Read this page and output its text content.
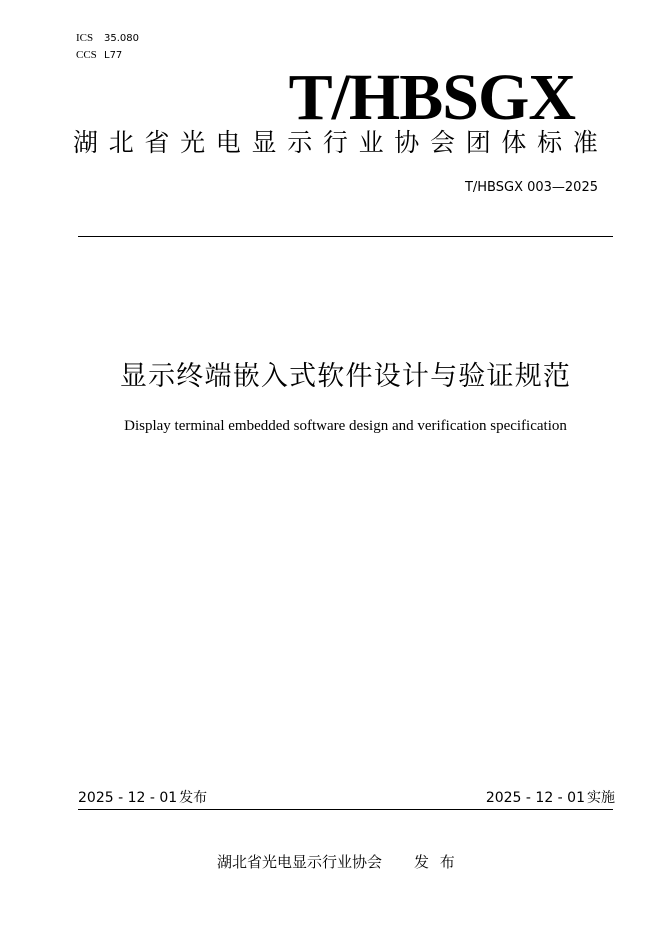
ICS 35.080
CCS L77
T/HBSGX
湖北省光电显示行业协会团体标准
T/HBSGX 003—2025
显示终端嵌入式软件设计与验证规范
Display terminal embedded software design and verification specification
2025 - 12 - 01 发布	2025 - 12 - 01 实施
湖北省光电显示行业协会 发 布
